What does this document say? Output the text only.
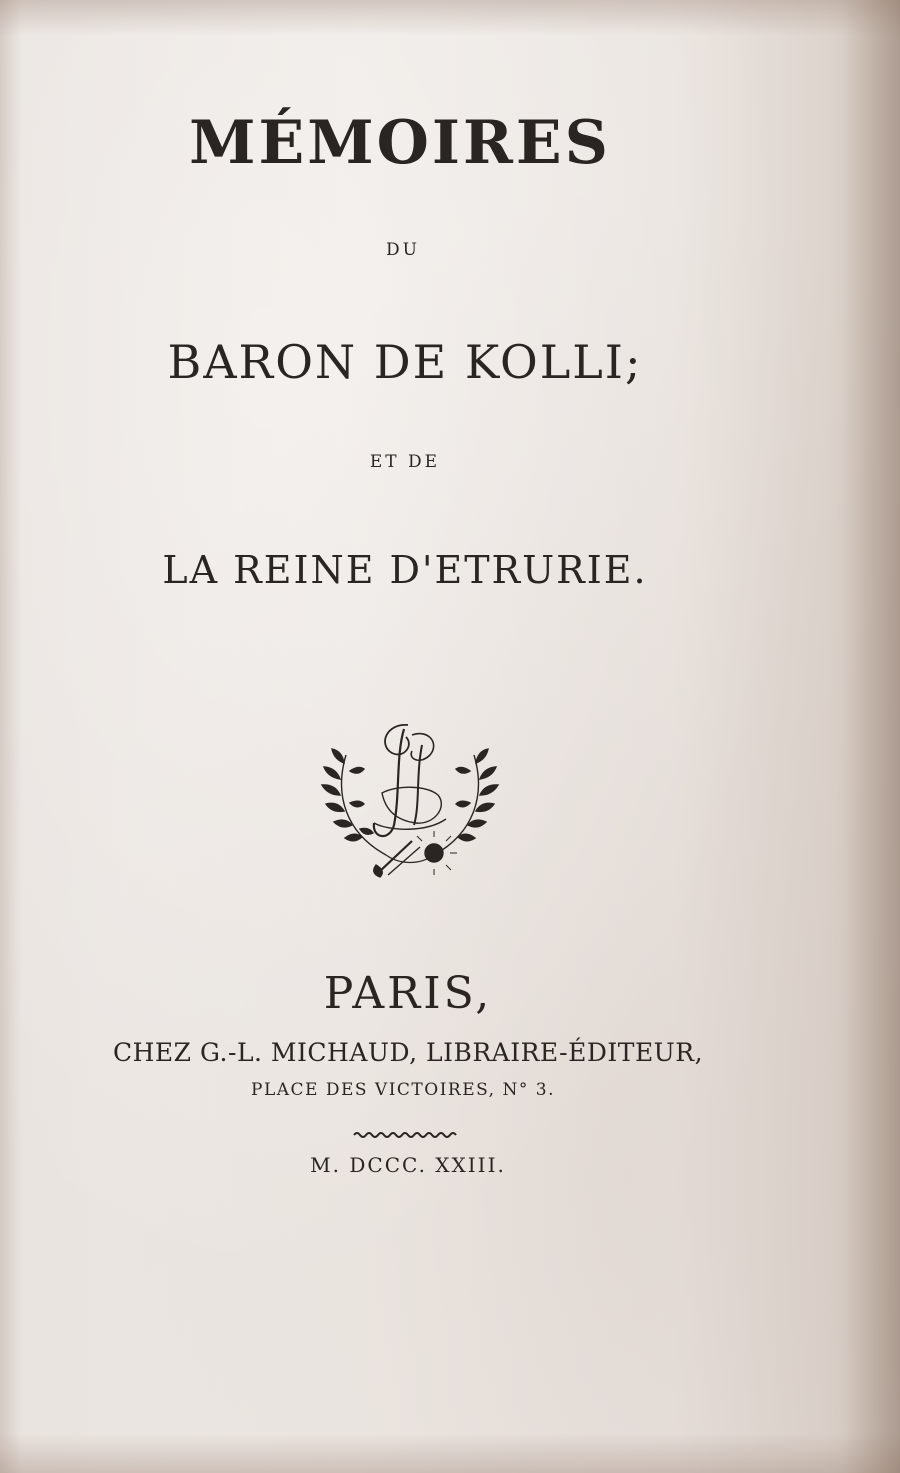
MÉMOIRES
DU
BARON DE KOLLI;
ET DE
LA REINE D'ETRURIE.
PARIS,
CHEZ G.-L. MICHAUD, LIBRAIRE-ÉDITEUR,
PLACE DES VICTOIRES, N° 3.
M. DCCC. XXIII.
